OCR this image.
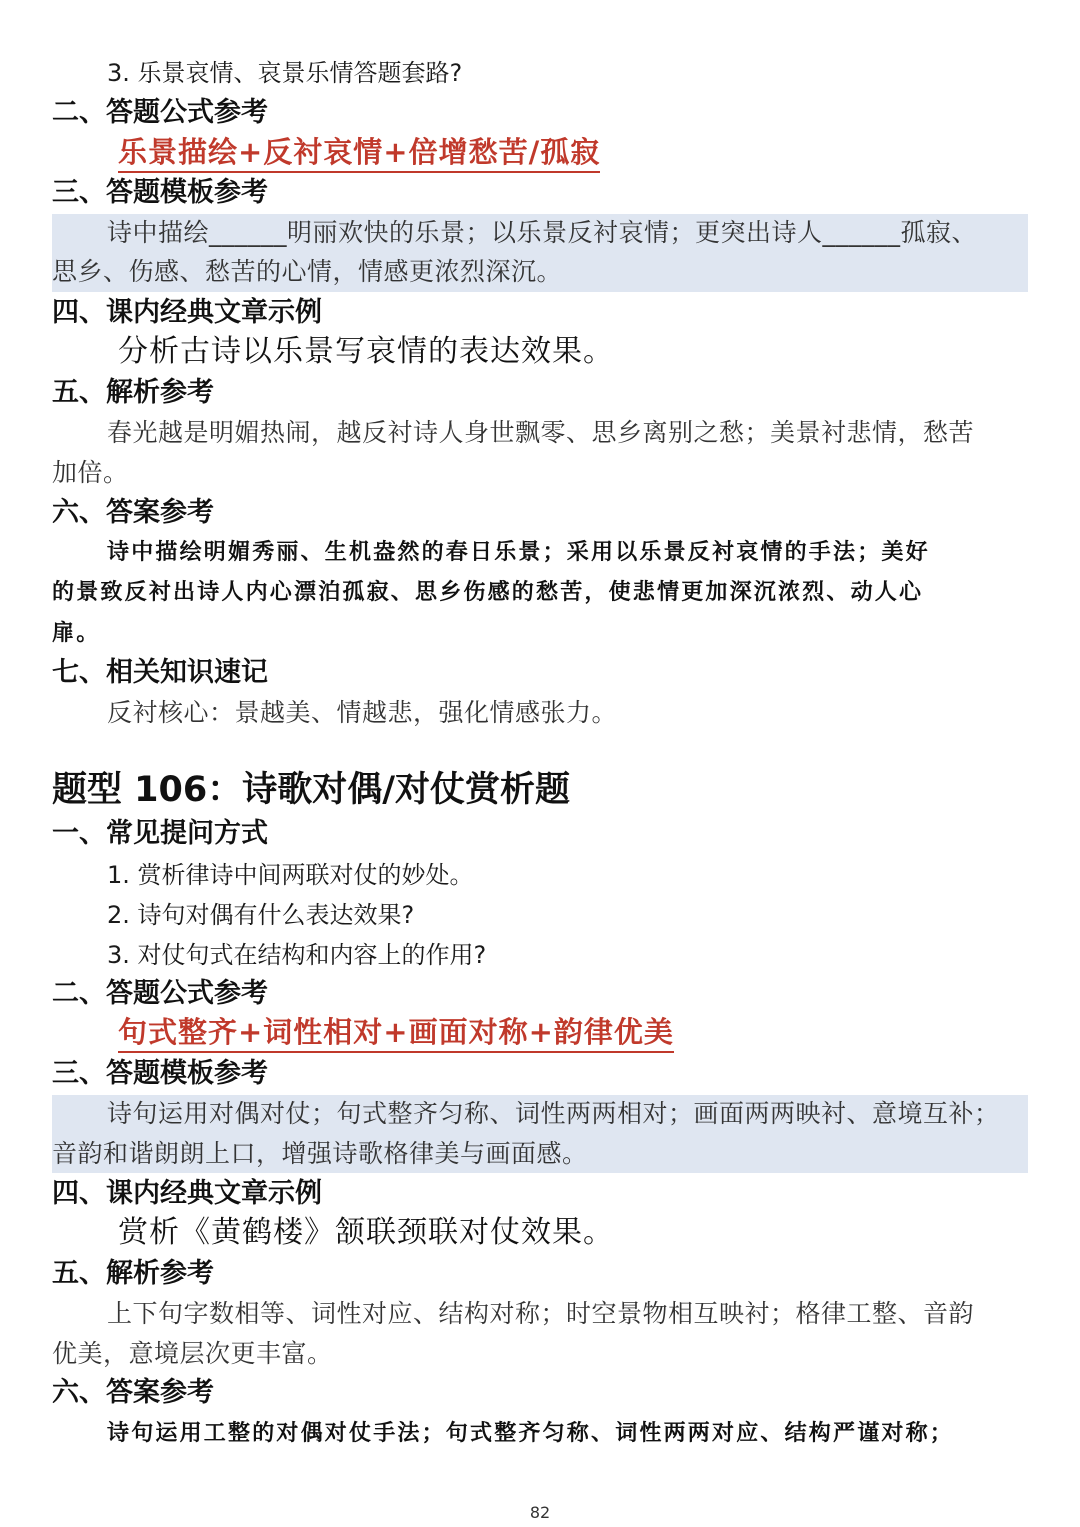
3. 乐景哀情、哀景乐情答题套路?
二、答题公式参考
乐景描绘+反衬哀情+倍增愁苦/孤寂
三、答题模板参考
诗中描绘______明丽欢快的乐景；以乐景反衬哀情；更突出诗人______孤寂、
思乡、伤感、愁苦的心情，情感更浓烈深沉。
四、课内经典文章示例
分析古诗以乐景写哀情的表达效果。
五、解析参考
春光越是明媚热闹，越反衬诗人身世飘零、思乡离别之愁；美景衬悲情，愁苦
加倍。
六、答案参考
诗中描绘明媚秀丽、生机盎然的春日乐景；采用以乐景反衬哀情的手法；美好
的景致反衬出诗人内心漂泊孤寂、思乡伤感的愁苦，使悲情更加深沉浓烈、动人心
扉。
七、相关知识速记
反衬核心：景越美、情越悲，强化情感张力。
题型 106：诗歌对偶/对仗赏析题
一、常见提问方式
1. 赏析律诗中间两联对仗的妙处。
2. 诗句对偶有什么表达效果?
3. 对仗句式在结构和内容上的作用?
二、答题公式参考
句式整齐+词性相对+画面对称+韵律优美
三、答题模板参考
诗句运用对偶对仗；句式整齐匀称、词性两两相对；画面两两映衬、意境互补；
音韵和谐朗朗上口，增强诗歌格律美与画面感。
四、课内经典文章示例
赏析《黄鹤楼》颔联颈联对仗效果。
五、解析参考
上下句字数相等、词性对应、结构对称；时空景物相互映衬；格律工整、音韵
优美，意境层次更丰富。
六、答案参考
诗句运用工整的对偶对仗手法；句式整齐匀称、词性两两对应、结构严谨对称；
82
